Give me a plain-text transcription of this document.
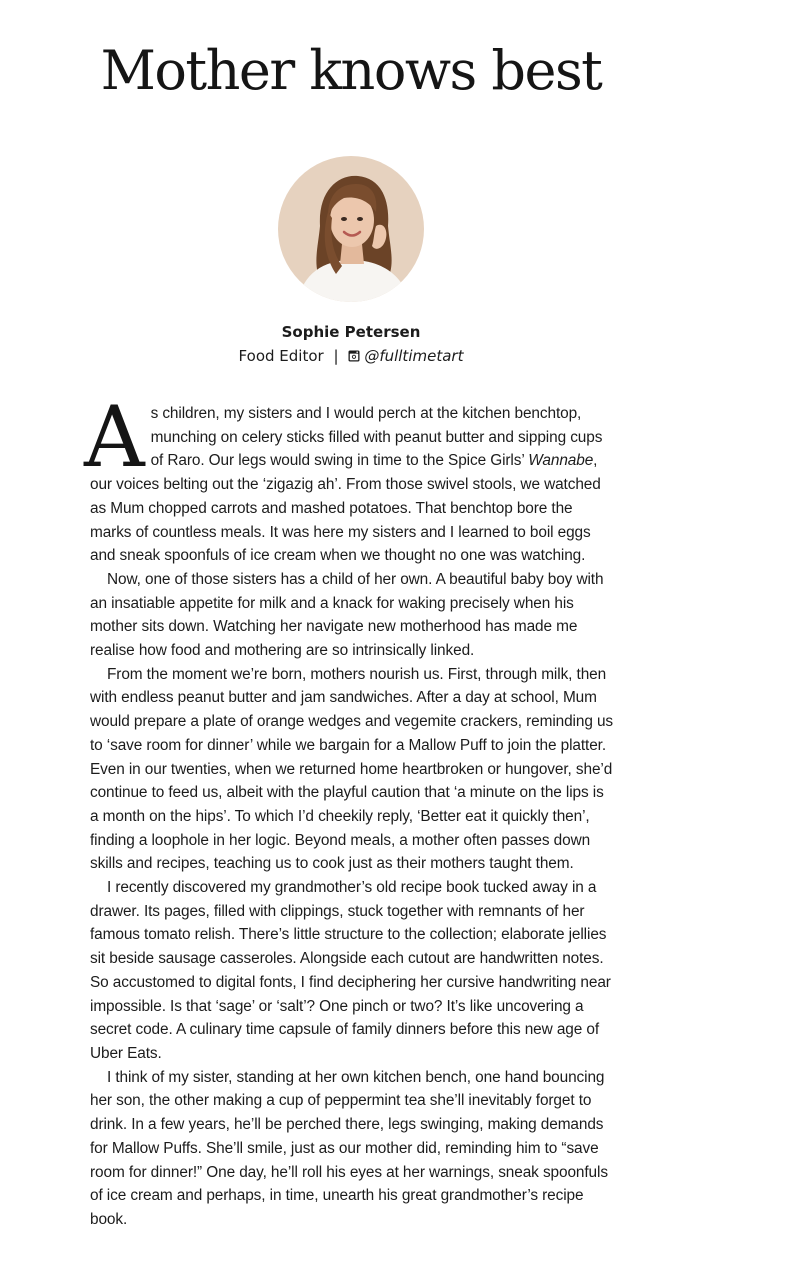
Mother knows best
Sophie Petersen
Food Editor | @fulltimetart

As children, my sisters and I would perch at the kitchen benchtop, munching on celery sticks filled with peanut butter and sipping cups of Raro. Our legs would swing in time to the Spice Girls’ Wannabe, our voices belting out the ‘zigazig ah’. From those swivel stools, we watched as Mum chopped carrots and mashed potatoes. That benchtop bore the marks of countless meals. It was here my sisters and I learned to boil eggs and sneak spoonfuls of ice cream when we thought no one was watching.

Now, one of those sisters has a child of her own. A beautiful baby boy with an insatiable appetite for milk and a knack for waking precisely when his mother sits down. Watching her navigate new motherhood has made me realise how food and mothering are so intrinsically linked.

From the moment we’re born, mothers nourish us. First, through milk, then with endless peanut butter and jam sandwiches. After a day at school, Mum would prepare a plate of orange wedges and vegemite crackers, reminding us to ‘save room for dinner’ while we bargain for a Mallow Puff to join the platter. Even in our twenties, when we returned home heartbroken or hungover, she’d continue to feed us, albeit with the playful caution that ‘a minute on the lips is a month on the hips’. To which I’d cheekily reply, ‘Better eat it quickly then’, finding a loophole in her logic. Beyond meals, a mother often passes down skills and recipes, teaching us to cook just as their mothers taught them.

I recently discovered my grandmother’s old recipe book tucked away in a drawer. Its pages, filled with clippings, stuck together with remnants of her famous tomato relish. There’s little structure to the collection; elaborate jellies sit beside sausage casseroles. Alongside each cutout are handwritten notes. So accustomed to digital fonts, I find deciphering her cursive handwriting near impossible. Is that ‘sage’ or ‘salt’? One pinch or two? It’s like uncovering a secret code. A culinary time capsule of family dinners before this new age of Uber Eats.

I think of my sister, standing at her own kitchen bench, one hand bouncing her son, the other making a cup of peppermint tea she’ll inevitably forget to drink. In a few years, he’ll be perched there, legs swinging, making demands for Mallow Puffs. She’ll smile, just as our mother did, reminding him to “save room for dinner!” One day, he’ll roll his eyes at her warnings, sneak spoonfuls of ice cream and perhaps, in time, unearth his great grandmother’s recipe book.
